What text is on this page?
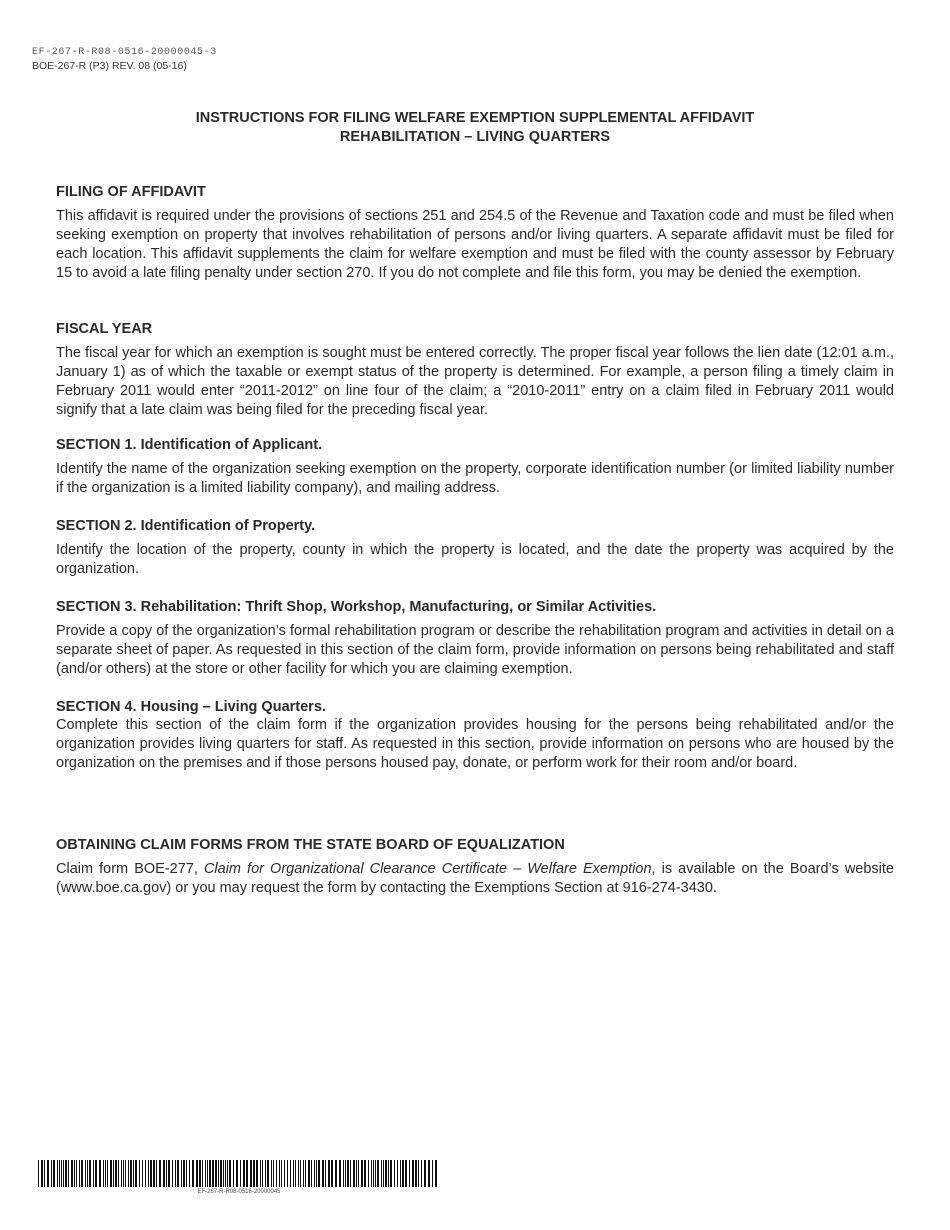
EF-267-R-R08-0516-20000045-3
BOE-267-R (P3) REV. 08 (05-16)
INSTRUCTIONS FOR FILING WELFARE EXEMPTION SUPPLEMENTAL AFFIDAVIT
REHABILITATION – LIVING QUARTERS

FILING OF AFFIDAVIT

This affidavit is required under the provisions of sections 251 and 254.5 of the Revenue and Taxation code and must be filed when seeking exemption on property that involves rehabilitation of persons and/or living quarters. A separate affidavit must be filed for each location. This affidavit supplements the claim for welfare exemption and must be filed with the county assessor by February 15 to avoid a late filing penalty under section 270. If you do not complete and file this form, you may be denied the exemption.

FISCAL YEAR

The fiscal year for which an exemption is sought must be entered correctly. The proper fiscal year follows the lien date (12:01 a.m., January 1) as of which the taxable or exempt status of the property is determined. For example, a person filing a timely claim in February 2011 would enter “2011-2012” on line four of the claim; a “2010-2011” entry on a claim filed in February 2011 would signify that a late claim was being filed for the preceding fiscal year.

SECTION 1. Identification of Applicant.

Identify the name of the organization seeking exemption on the property, corporate identification number (or limited liability number if the organization is a limited liability company), and mailing address.

SECTION 2. Identification of Property.

Identify the location of the property, county in which the property is located, and the date the property was acquired by the organization.

SECTION 3. Rehabilitation: Thrift Shop, Workshop, Manufacturing, or Similar Activities.

Provide a copy of the organization’s formal rehabilitation program or describe the rehabilitation program and activities in detail on a separate sheet of paper. As requested in this section of the claim form, provide information on persons being rehabilitated and staff (and/or others) at the store or other facility for which you are claiming exemption.

SECTION 4. Housing – Living Quarters.

Complete this section of the claim form if the organization provides housing for the persons being rehabilitated and/or the organization provides living quarters for staff. As requested in this section, provide information on persons who are housed by the organization on the premises and if those persons housed pay, donate, or perform work for their room and/or board.

OBTAINING CLAIM FORMS FROM THE STATE BOARD OF EQUALIZATION

Claim form BOE-277, Claim for Organizational Clearance Certificate – Welfare Exemption, is available on the Board’s website (www.boe.ca.gov) or you may request the form by contacting the Exemptions Section at 916-274-3430.

EF-267-R-R08-0516-20000045
